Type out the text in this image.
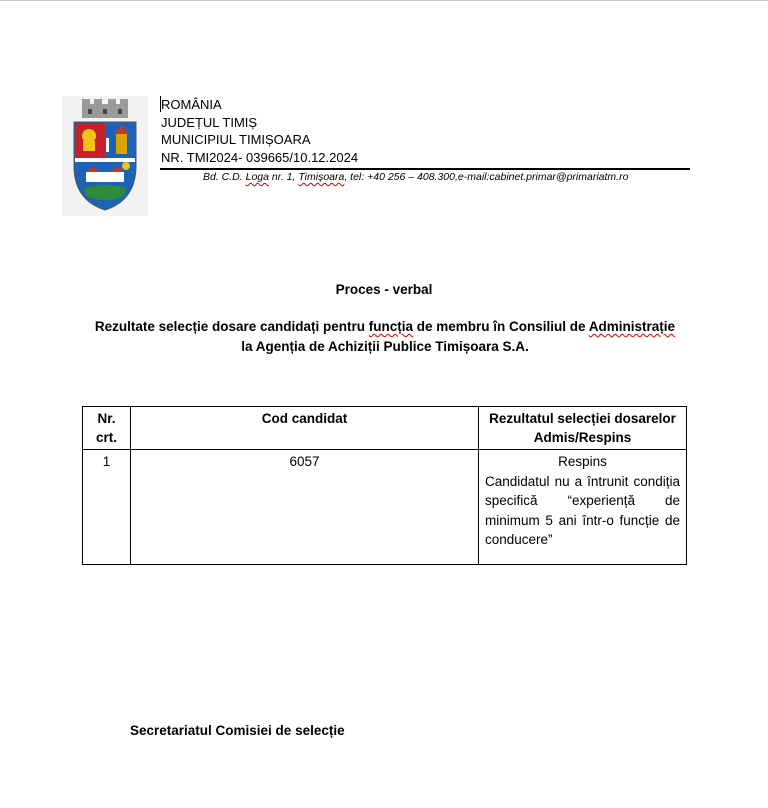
ROMÂNIA
JUDEȚUL TIMIȘ
MUNICIPIUL TIMIȘOARA
NR. TMI2024- 039665/10.12.2024
Bd. C.D. Loga nr. 1, Timișoara, tel: +40 256 – 408.300,e-mail:cabinet.primar@primariatm.ro
Proces - verbal
Rezultate selecție dosare candidați pentru funcția de membru în Consiliul de Administrație
la Agenția de Achiziții Publice Timișoara S.A.
Nr. crt.	Cod candidat	Rezultatul selecției dosarelor
Admis/Respins
1	6057	Respins
Candidatul nu a întrunit condiția specifică “experiență de minimum 5 ani într-o funcție de conducere”
Secretariatul Comisiei de selecție
